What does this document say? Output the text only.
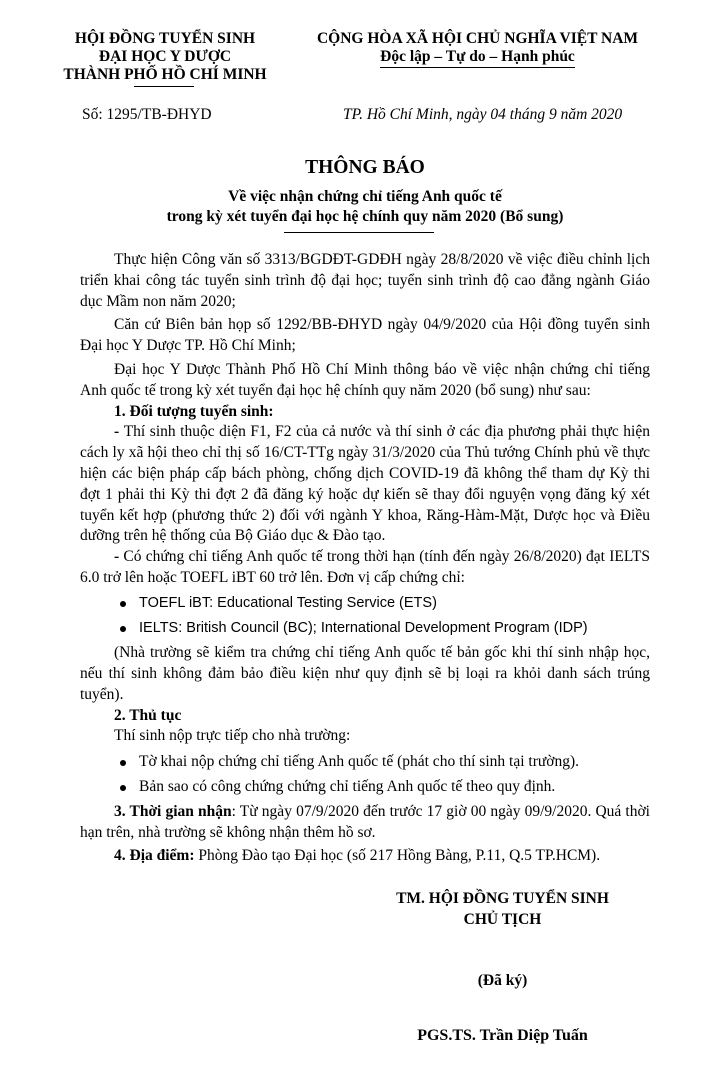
HỘI ĐỒNG TUYỂN SINH
ĐẠI HỌC Y DƯỢC
THÀNH PHỐ HỒ CHÍ MINH
CỘNG HÒA XÃ HỘI CHỦ NGHĨA VIỆT NAM
Độc lập – Tự do – Hạnh phúc
Số: 1295/TB-ĐHYD	TP. Hồ Chí Minh, ngày 04 tháng 9 năm 2020
THÔNG BÁO
Về việc nhận chứng chỉ tiếng Anh quốc tế
trong kỳ xét tuyển đại học hệ chính quy năm 2020 (Bổ sung)

Thực hiện Công văn số 3313/BGDĐT-GDĐH ngày 28/8/2020 về việc điều chỉnh lịch triển khai công tác tuyển sinh trình độ đại học; tuyển sinh trình độ cao đẳng ngành Giáo dục Mầm non năm 2020;

Căn cứ Biên bản họp số 1292/BB-ĐHYD ngày 04/9/2020 của Hội đồng tuyển sinh Đại học Y Dược TP. Hồ Chí Minh;

Đại học Y Dược Thành Phố Hồ Chí Minh thông báo về việc nhận chứng chỉ tiếng Anh quốc tế trong kỳ xét tuyển đại học hệ chính quy năm 2020 (bổ sung) như sau:

1. Đối tượng tuyển sinh:

- Thí sinh thuộc diện F1, F2 của cả nước và thí sinh ở các địa phương phải thực hiện cách ly xã hội theo chỉ thị số 16/CT-TTg ngày 31/3/2020 của Thủ tướng Chính phủ về thực hiện các biện pháp cấp bách phòng, chống dịch COVID-19 đã không thể tham dự Kỳ thi đợt 1 phải thi Kỳ thi đợt 2 đã đăng ký hoặc dự kiến sẽ thay đổi nguyện vọng đăng ký xét tuyển kết hợp (phương thức 2) đối với ngành Y khoa, Răng-Hàm-Mặt, Dược học và Điều dưỡng trên hệ thống của Bộ Giáo dục & Đào tạo.

- Có chứng chỉ tiếng Anh quốc tế trong thời hạn (tính đến ngày 26/8/2020) đạt IELTS 6.0 trở lên hoặc TOEFL iBT 60 trở lên. Đơn vị cấp chứng chỉ:

TOEFL iBT: Educational Testing Service (ETS)
IELTS: British Council (BC); International Development Program (IDP)

(Nhà trường sẽ kiểm tra chứng chỉ tiếng Anh quốc tế bản gốc khi thí sinh nhập học, nếu thí sinh không đảm bảo điều kiện như quy định sẽ bị loại ra khỏi danh sách trúng tuyển).

2. Thủ tục

Thí sinh nộp trực tiếp cho nhà trường:

Tờ khai nộp chứng chỉ tiếng Anh quốc tế (phát cho thí sinh tại trường).
Bản sao có công chứng chứng chỉ tiếng Anh quốc tế theo quy định.

3. Thời gian nhận: Từ ngày 07/9/2020 đến trước 17 giờ 00 ngày 09/9/2020. Quá thời hạn trên, nhà trường sẽ không nhận thêm hồ sơ.

4. Địa điểm: Phòng Đào tạo Đại học (số 217 Hồng Bàng, P.11, Q.5 TP.HCM).

TM. HỘI ĐỒNG TUYỂN SINH
CHỦ TỊCH
(Đã ký)
PGS.TS. Trần Diệp Tuấn
